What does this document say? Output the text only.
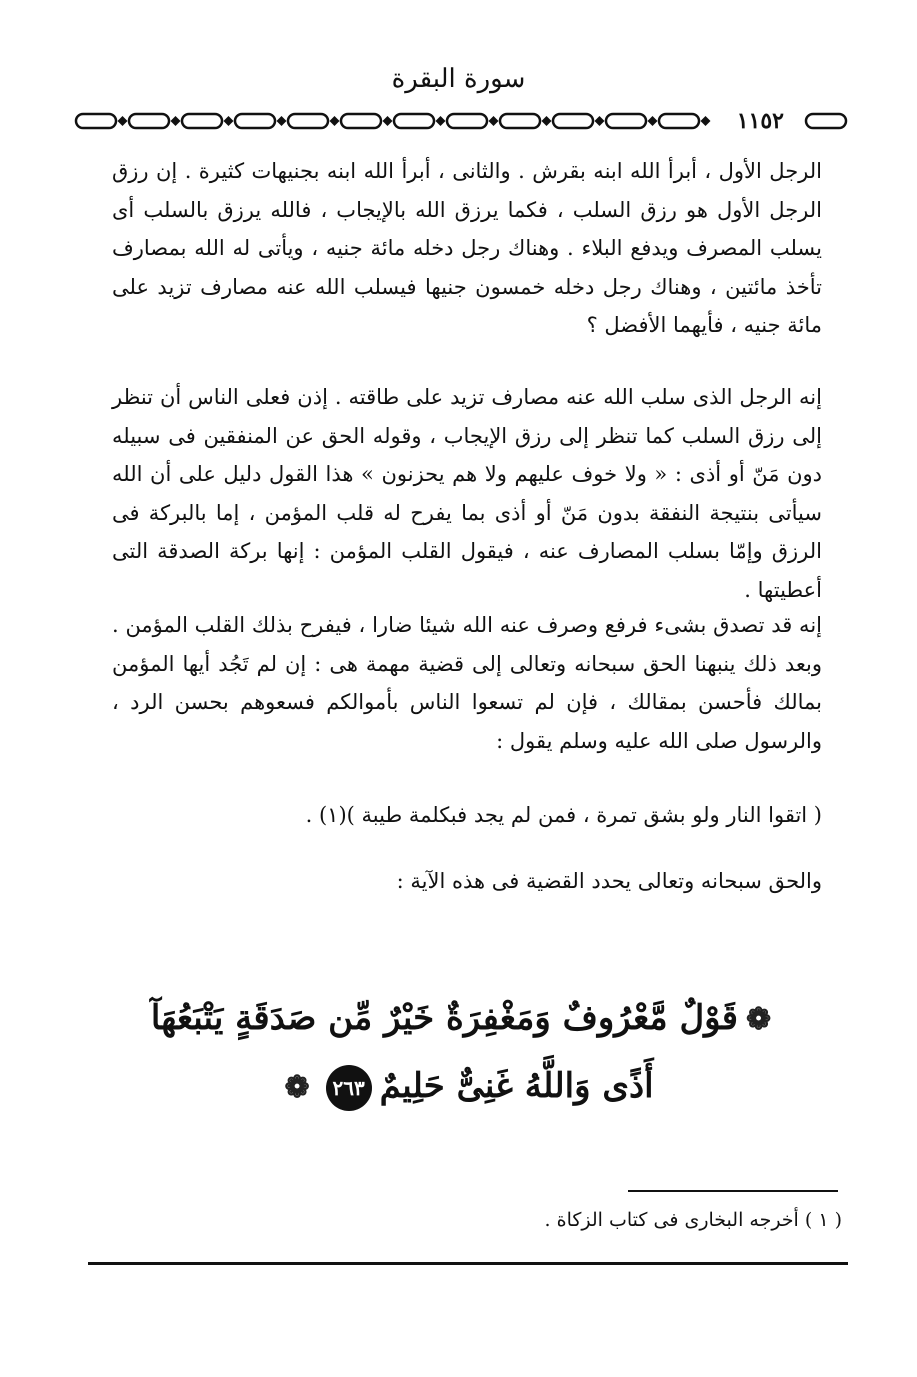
سورة البقرة
١١٥٢

الرجل الأول ، أبرأ الله ابنه بقرش . والثانى ، أبرأ الله ابنه بجنيهات كثيرة . إن رزق الرجل الأول هو رزق السلب ، فكما يرزق الله بالإيجاب ، فالله يرزق بالسلب أى يسلب المصرف ويدفع البلاء . وهناك رجل دخله مائة جنيه ، ويأتى له الله بمصارف تأخذ مائتين ، وهناك رجل دخله خمسون جنيها فيسلب الله عنه مصارف تزيد على مائة جنيه ، فأيهما الأفضل ؟

إنه الرجل الذى سلب الله عنه مصارف تزيد على طاقته . إذن فعلى الناس أن تنظر إلى رزق السلب كما تنظر إلى رزق الإيجاب ، وقوله الحق عن المنفقين فى سبيله دون مَنّ أو أذى : « ولا خوف عليهم ولا هم يحزنون » هذا القول دليل على أن الله سيأتى بنتيجة النفقة بدون مَنّ أو أذى بما يفرح له قلب المؤمن ، إما بالبركة فى الرزق وإمّا بسلب المصارف عنه ، فيقول القلب المؤمن : إنها بركة الصدقة التى أعطيتها .

إنه قد تصدق بشىء فرفع وصرف عنه الله شيئا ضارا ، فيفرح بذلك القلب المؤمن . وبعد ذلك ينبهنا الحق سبحانه وتعالى إلى قضية مهمة هى : إن لم تَجُد أيها المؤمن بمالك فأحسن بمقالك ، فإن لم تسعوا الناس بأموالكم فسعوهم بحسن الرد ، والرسول صلى الله عليه وسلم يقول :

( اتقوا النار ولو بشق تمرة ، فمن لم يجد فبكلمة طيبة )(١) .

والحق سبحانه وتعالى يحدد القضية فى هذه الآية :

❁قَوْلٌ مَّعْرُوفٌ وَمَغْفِرَةٌ خَيْرٌ مِّن صَدَقَةٍ يَتْبَعُهَآ
أَذًى وَاللَّهُ غَنِىٌّ حَلِيمٌ٢٦٣❁
( ١ ) أخرجه البخارى فى كتاب الزكاة .
